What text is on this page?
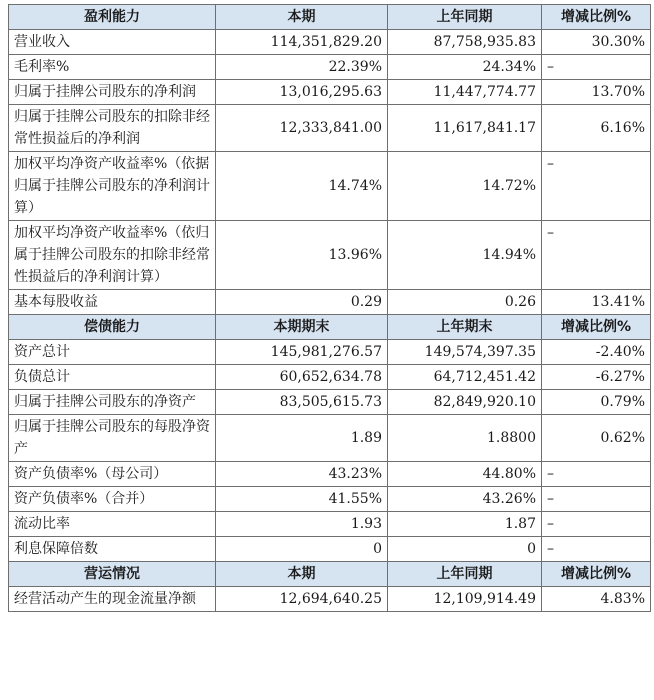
盈利能力	本期	上年同期	增减比例%
营业收入	114,351,829.20	87,758,935.83	30.30%
毛利率%	22.39%	24.34%	–
归属于挂牌公司股东的净利润	13,016,295.63	11,447,774.77	13.70%
归属于挂牌公司股东的扣除非经常性损益后的净利润	12,333,841.00	11,617,841.17	6.16%
加权平均净资产收益率%（依据归属于挂牌公司股东的净利润计算）	14.74%	14.72%	–
加权平均净资产收益率%（依归属于挂牌公司股东的扣除非经常性损益后的净利润计算）	13.96%	14.94%	–
基本每股收益	0.29	0.26	13.41%
偿债能力	本期期末	上年期末	增减比例%
资产总计	145,981,276.57	149,574,397.35	-2.40%
负债总计	60,652,634.78	64,712,451.42	-6.27%
归属于挂牌公司股东的净资产	83,505,615.73	82,849,920.10	0.79%
归属于挂牌公司股东的每股净资产	1.89	1.8800	0.62%
资产负债率%（母公司）	43.23%	44.80%	–
资产负债率%（合并）	41.55%	43.26%	–
流动比率	1.93	1.87	–
利息保障倍数	0	0	–
营运情况	本期	上年同期	增减比例%
经营活动产生的现金流量净额	12,694,640.25	12,109,914.49	4.83%
